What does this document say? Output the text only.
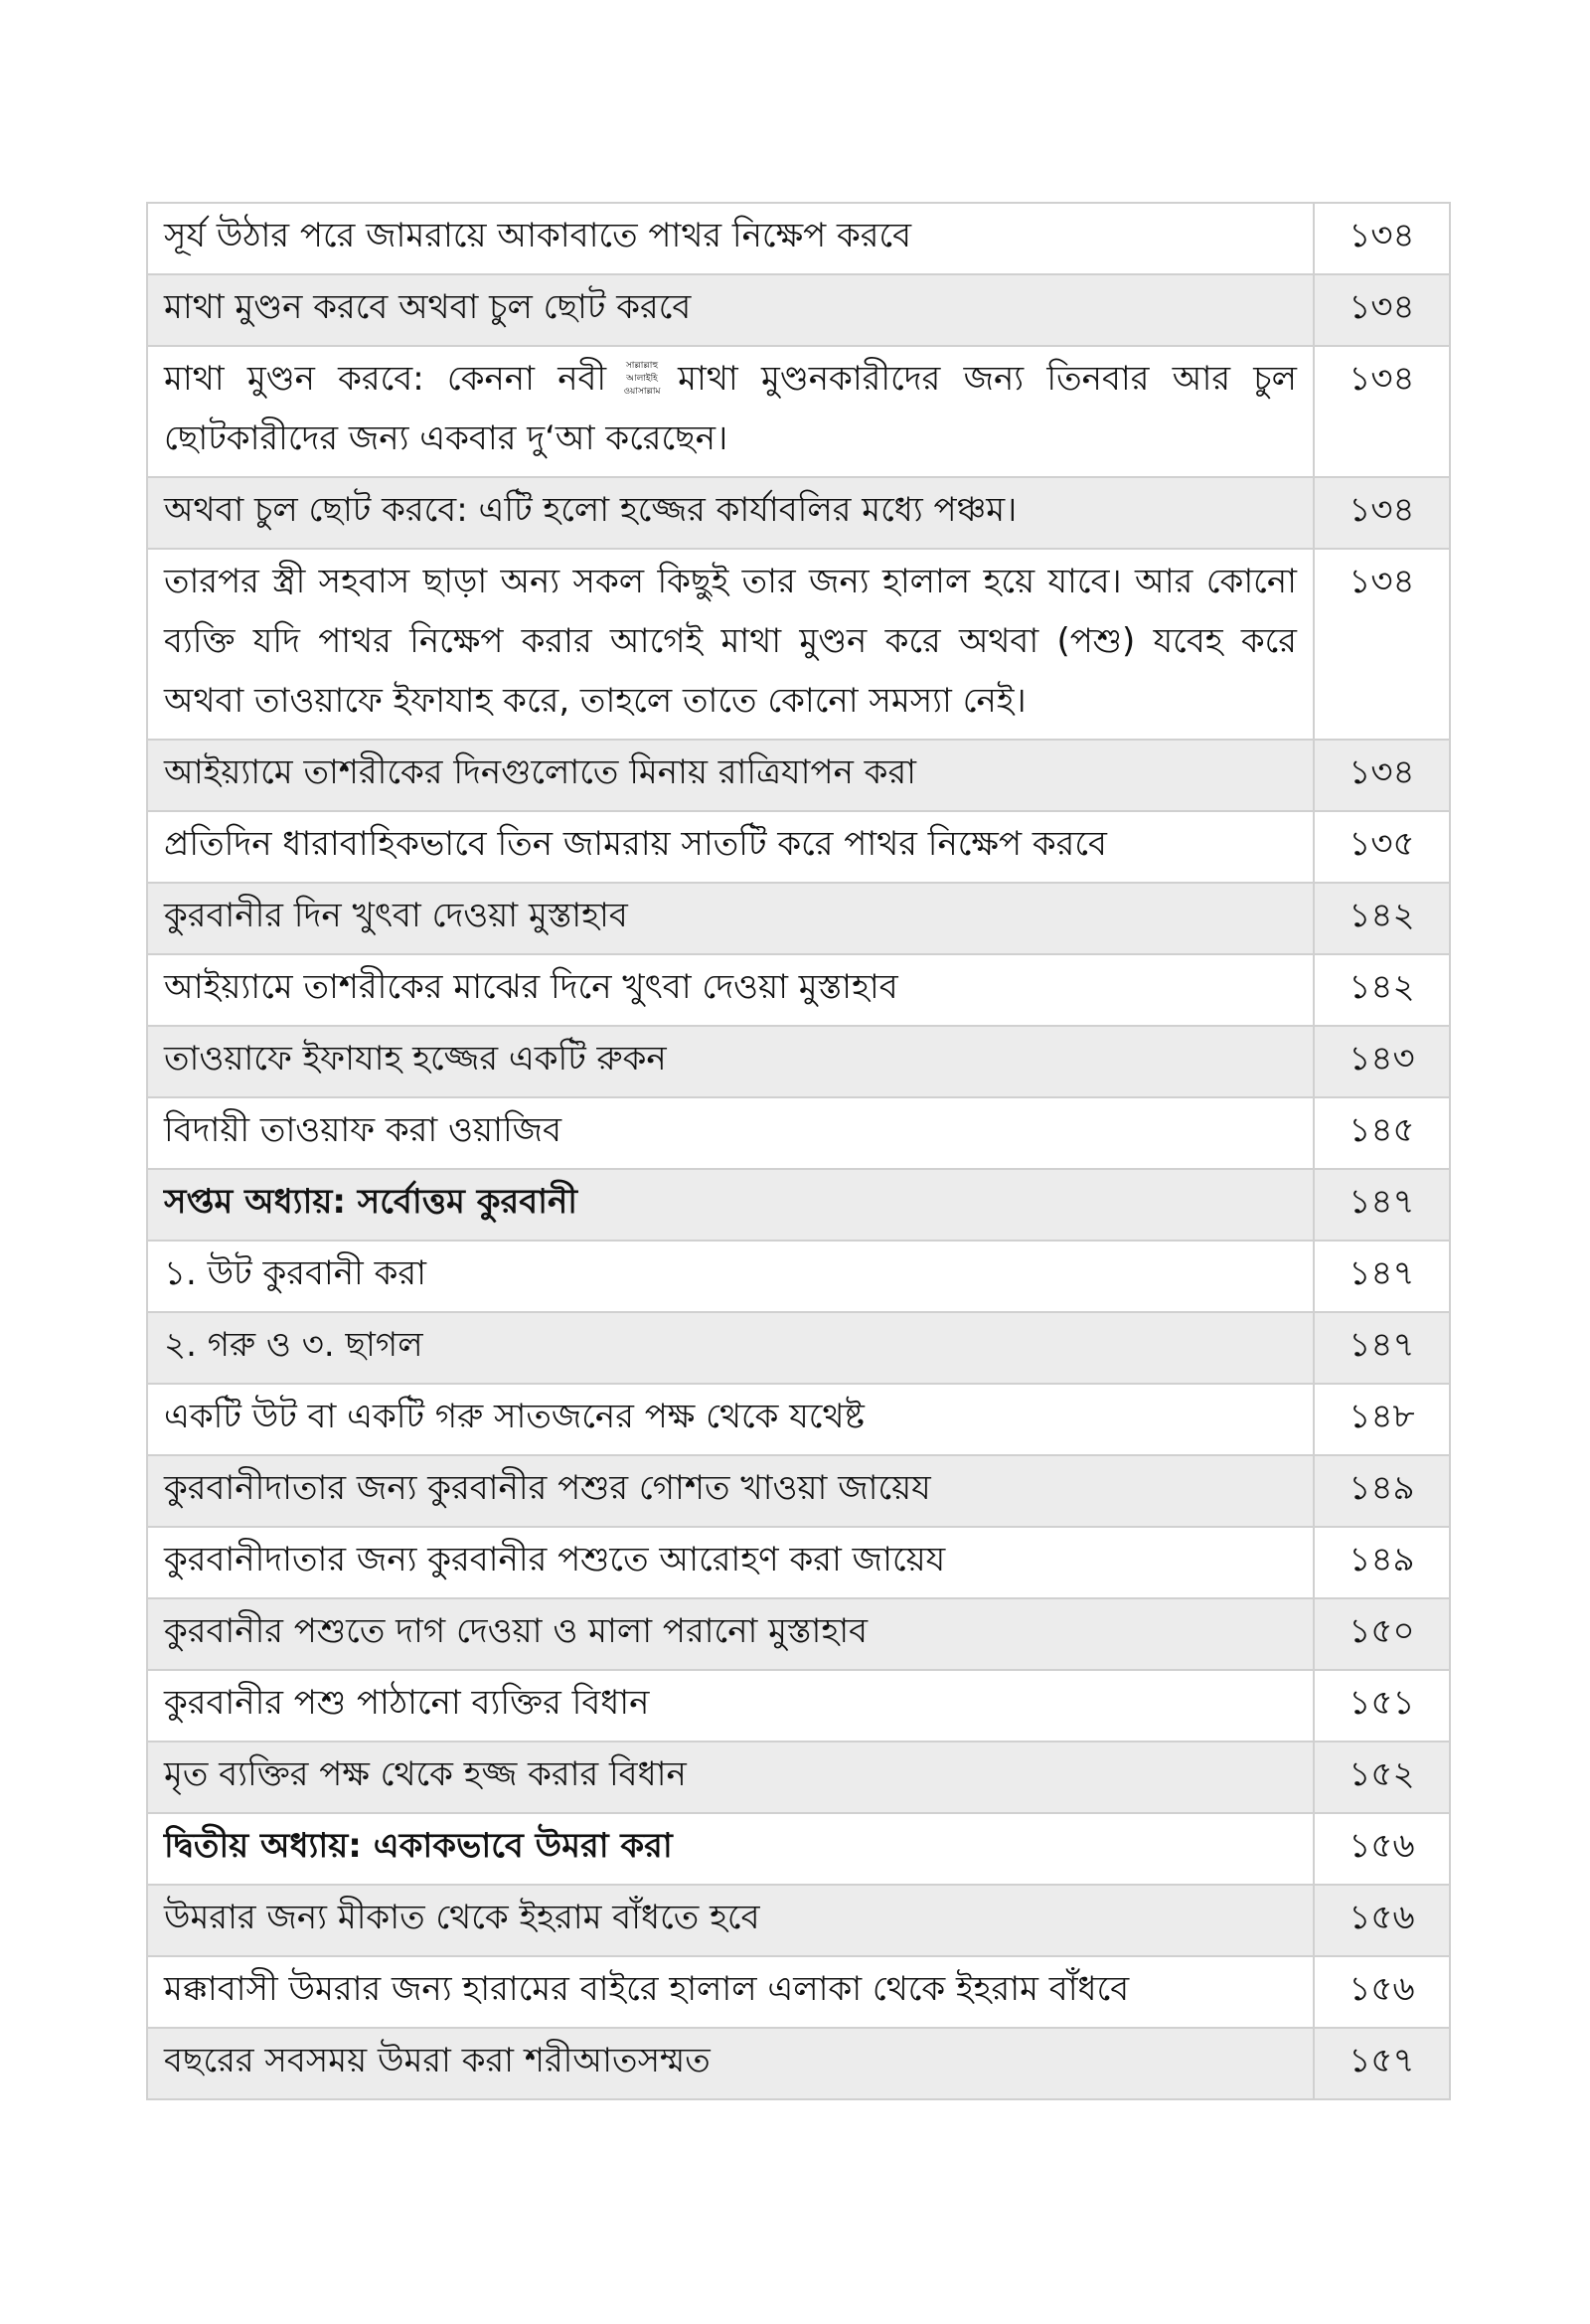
সূর্য উঠার পরে জামরায়ে আকাবাতে পাথর নিক্ষেপ করবে	১৩৪
মাথা মুণ্ডন করবে অথবা চুল ছোট করবে	১৩৪
মাথা মুণ্ডন করবে: কেননা নবী সাল্লাল্লাহু
আলাইহি
ওয়াসাল্লাম মাথা মুণ্ডনকারীদের জন্য তিনবার আর চুল ছোটকারীদের জন্য একবার দু‘আ করেছেন।	১৩৪
অথবা চুল ছোট করবে: এটি হলো হজ্জের কার্যাবলির মধ্যে পঞ্চম।	১৩৪
তারপর স্ত্রী সহবাস ছাড়া অন্য সকল কিছুই তার জন্য হালাল হয়ে যাবে। আর কোনো ব্যক্তি যদি পাথর নিক্ষেপ করার আগেই মাথা মুণ্ডন করে অথবা (পশু) যবেহ করে অথবা তাওয়াফে ইফাযাহ করে, তাহলে তাতে কোনো সমস্যা নেই।	১৩৪
আইয়্যামে তাশরীকের দিনগুলোতে মিনায় রাত্রিযাপন করা	১৩৪
প্রতিদিন ধারাবাহিকভাবে তিন জামরায় সাতটি করে পাথর নিক্ষেপ করবে	১৩৫
কুরবানীর দিন খুৎবা দেওয়া মুস্তাহাব	১৪২
আইয়্যামে তাশরীকের মাঝের দিনে খুৎবা দেওয়া মুস্তাহাব	১৪২
তাওয়াফে ইফাযাহ হজ্জের একটি রুকন	১৪৩
বিদায়ী তাওয়াফ করা ওয়াজিব	১৪৫
সপ্তম অধ্যায়: সর্বোত্তম কুরবানী	১৪৭
১. উট কুরবানী করা	১৪৭
২. গরু ও ৩. ছাগল	১৪৭
একটি উট বা একটি গরু সাতজনের পক্ষ থেকে যথেষ্ট	১৪৮
কুরবানীদাতার জন্য কুরবানীর পশুর গোশত খাওয়া জায়েয	১৪৯
কুরবানীদাতার জন্য কুরবানীর পশুতে আরোহণ করা জায়েয	১৪৯
কুরবানীর পশুতে দাগ দেওয়া ও মালা পরানো মুস্তাহাব	১৫০
কুরবানীর পশু পাঠানো ব্যক্তির বিধান	১৫১
মৃত ব্যক্তির পক্ষ থেকে হজ্জ করার বিধান	১৫২
দ্বিতীয় অধ্যায়: একাকভাবে উমরা করা	১৫৬
উমরার জন্য মীকাত থেকে ইহরাম বাঁধতে হবে	১৫৬
মক্কাবাসী উমরার জন্য হারামের বাইরে হালাল এলাকা থেকে ইহরাম বাঁধবে	১৫৬
বছরের সবসময় উমরা করা শরীআতসম্মত	১৫৭
